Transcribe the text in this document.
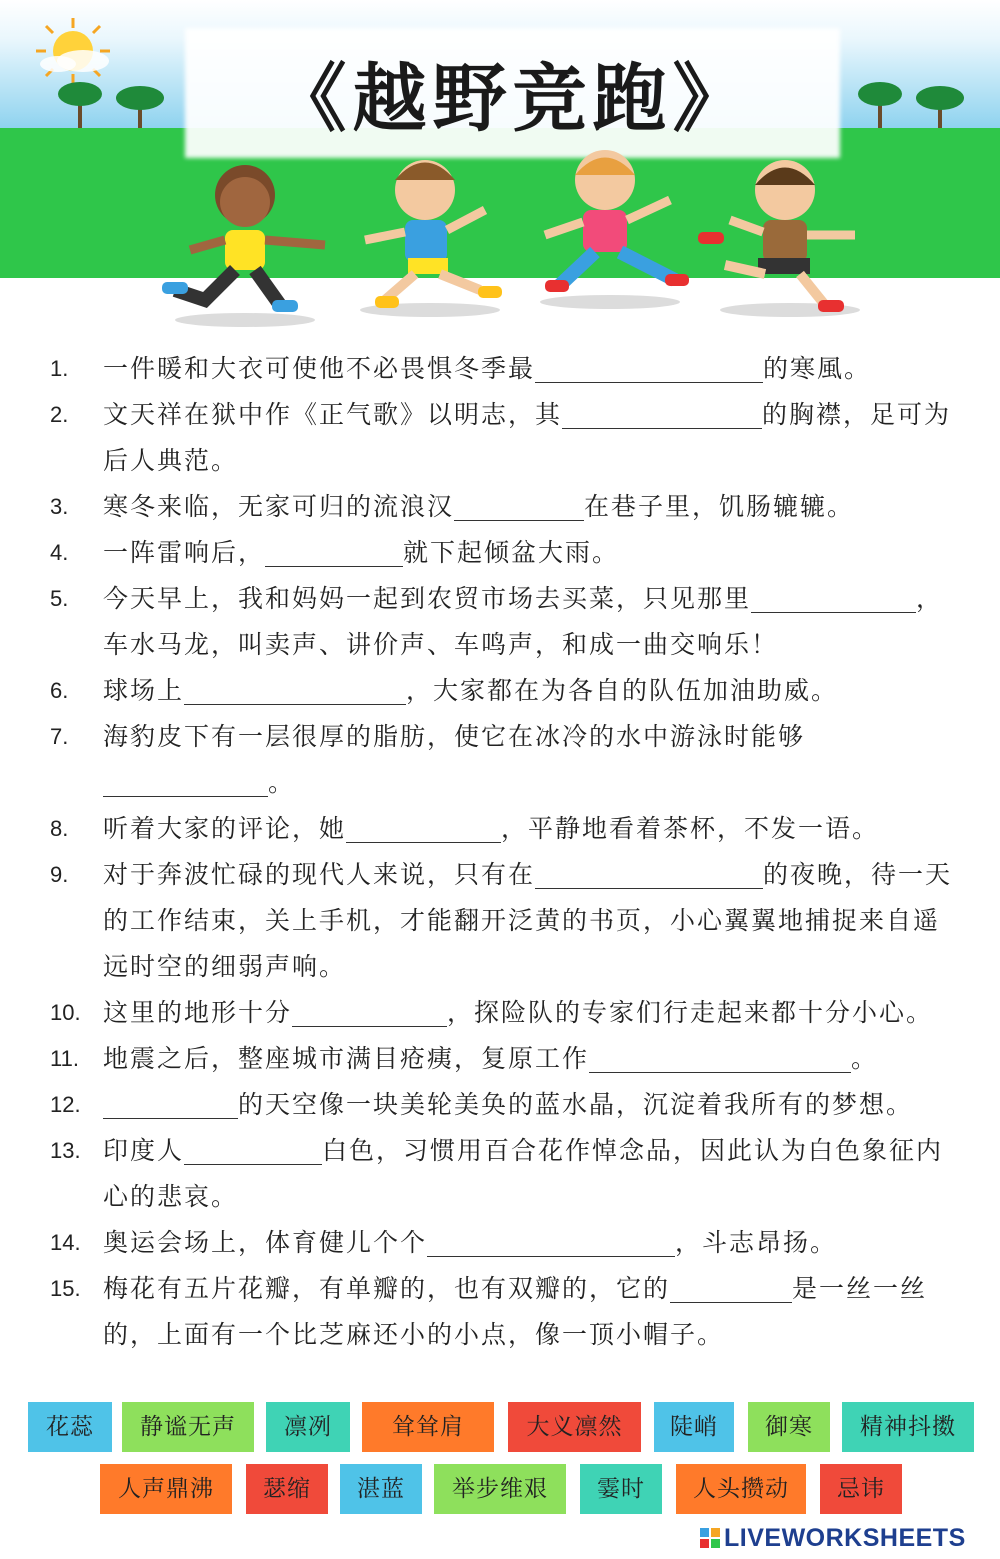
《越野竞跑》
1. 一件暖和大衣可使他不必畏惧冬季最	的寒風。
2. 文天祥在狱中作《正气歌》以明志，其	的胸襟，足可为后人典范。
3. 寒冬来临，无家可归的流浪汉	在巷子里，饥肠辘辘。
4. 一阵雷响后，	就下起倾盆大雨。
5. 今天早上，我和妈妈一起到农贸市场去买菜，只见那里	，车水马龙，叫卖声、讲价声、车鸣声，和成一曲交响乐！
6. 球场上	，大家都在为各自的队伍加油助威。
7. 海豹皮下有一层很厚的脂肪，使它在冰冷的水中游泳时能够。
8. 听着大家的评论，她	，平静地看着茶杯，不发一语。
9. 对于奔波忙碌的现代人来说，只有在	的夜晚，待一天的工作结束，关上手机，才能翻开泛黄的书页，小心翼翼地捕捉来自遥远时空的细弱声响。
10. 这里的地形十分	，探险队的专家们行走起来都十分小心。
11. 地震之后，整座城市满目疮痍，复原工作	。
12.	的天空像一块美轮美奂的蓝水晶，沉淀着我所有的梦想。
13. 印度人	白色，习惯用百合花作悼念品，因此认为白色象征内心的悲哀。
14. 奥运会场上，体育健儿个个	，斗志昂扬。
15. 梅花有五片花瓣，有单瓣的，也有双瓣的，它的	是一丝一丝的，上面有一个比芝麻还小的小点，像一顶小帽子。
花蕊	静谧无声	凛冽	耸耸肩	大义凛然	陡峭	御寒	精神抖擞
人声鼎沸	瑟缩	湛蓝	举步维艰	霎时	人头攒动	忌讳
LIVEWORKSHEETS
